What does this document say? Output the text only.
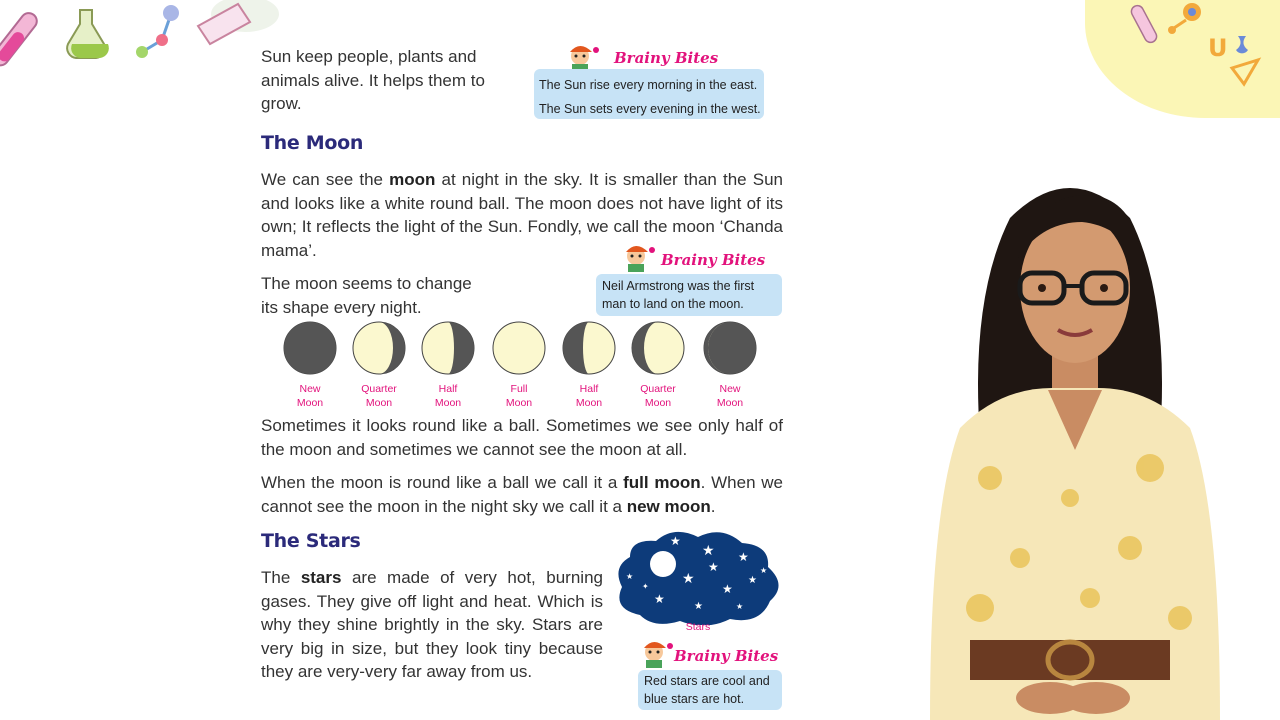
U
Sun keep people, plants and
animals alive. It helps them to
grow.
Brainy Bites
The Sun rise every morning in the east.
The Sun sets every evening in the west.
The Moon
We can see the moon at night in the sky. It is smaller than the Sun and looks like a white round ball. The moon does not have light of its own; It reflects the light of the Sun. Fondly, we call the moon ‘Chanda mama’.
The moon seems to change
its shape every night.
Brainy Bites
Neil Armstrong was the first
man to land on the moon.
New
Moon
Quarter
Moon
Half
Moon
Full
Moon
Half
Moon
Quarter
Moon
New
Moon
Sometimes it looks round like a ball. Sometimes we see only half of the moon and sometimes we cannot see the moon at all.
When the moon is round like a ball we call it a full moon. When we cannot see the moon in the night sky we call it a new moon.
The Stars
The stars are made of very hot, burning gases. They give off light and heat. Which is why they shine brightly in the sky. Stars are very big in size, but they look tiny because they are very-very far away from us.
★
★ ★
★
★
★
★
★
★
★
★
★
✦
Stars
Brainy Bites
Red stars are cool and
blue stars are hot.
